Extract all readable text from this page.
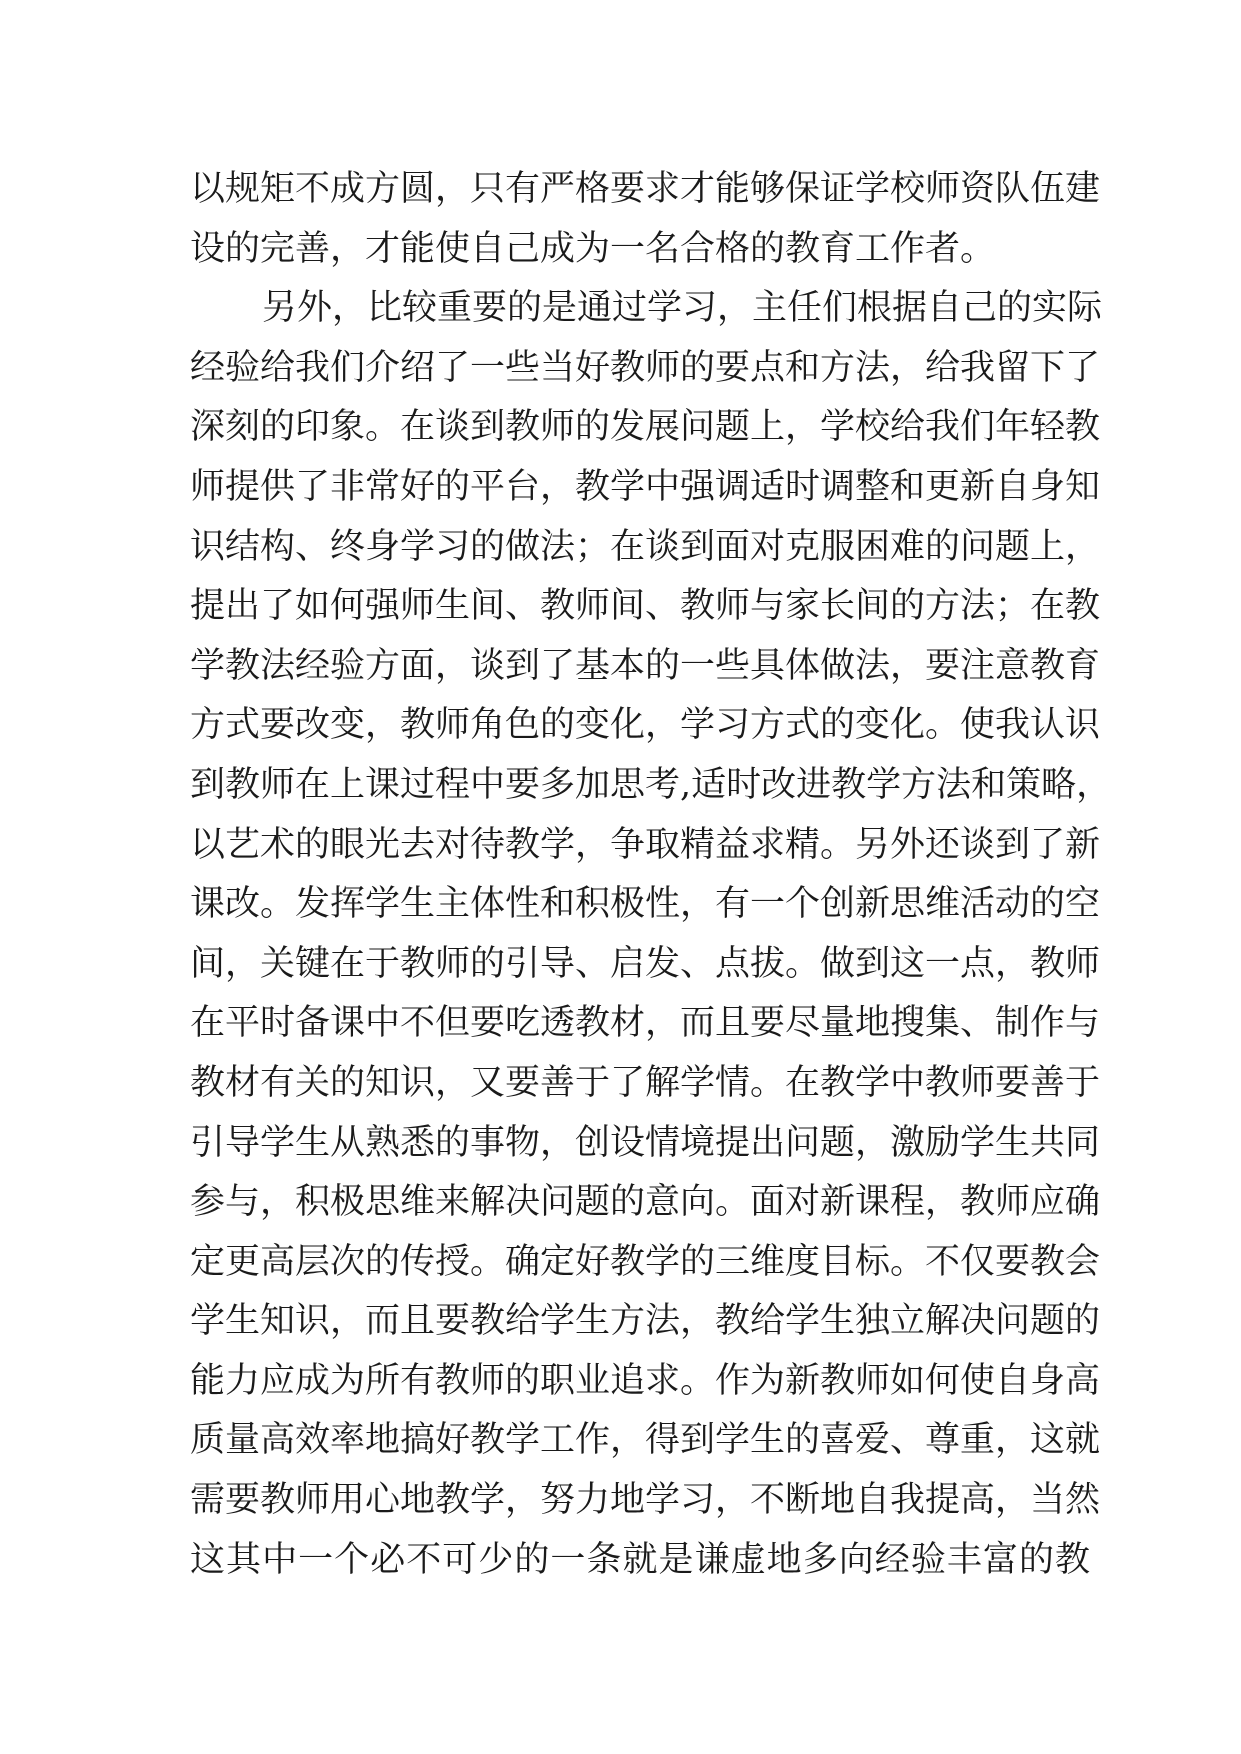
以规矩不成方圆，只有严格要求才能够保证学校师资队伍建
设的完善，才能使自己成为一名合格的教育工作者。
另外，比较重要的是通过学习，主任们根据自己的实际
经验给我们介绍了一些当好教师的要点和方法，给我留下了
深刻的印象。在谈到教师的发展问题上，学校给我们年轻教
师提供了非常好的平台，教学中强调适时调整和更新自身知
识结构、终身学习的做法；在谈到面对克服困难的问题上，
提出了如何强师生间、教师间、教师与家长间的方法；在教
学教法经验方面，谈到了基本的一些具体做法，要注意教育
方式要改变，教师角色的变化，学习方式的变化。使我认识
到教师在上课过程中要多加思考,适时改进教学方法和策略，
以艺术的眼光去对待教学，争取精益求精。另外还谈到了新
课改。发挥学生主体性和积极性，有一个创新思维活动的空
间，关键在于教师的引导、启发、点拔。做到这一点，教师
在平时备课中不但要吃透教材，而且要尽量地搜集、制作与
教材有关的知识，又要善于了解学情。在教学中教师要善于
引导学生从熟悉的事物，创设情境提出问题，激励学生共同
参与，积极思维来解决问题的意向。面对新课程，教师应确
定更高层次的传授。确定好教学的三维度目标。不仅要教会
学生知识，而且要教给学生方法，教给学生独立解决问题的
能力应成为所有教师的职业追求。作为新教师如何使自身高
质量高效率地搞好教学工作，得到学生的喜爱、尊重，这就
需要教师用心地教学，努力地学习，不断地自我提高，当然
这其中一个必不可少的一条就是谦虚地多向经验丰富的教
